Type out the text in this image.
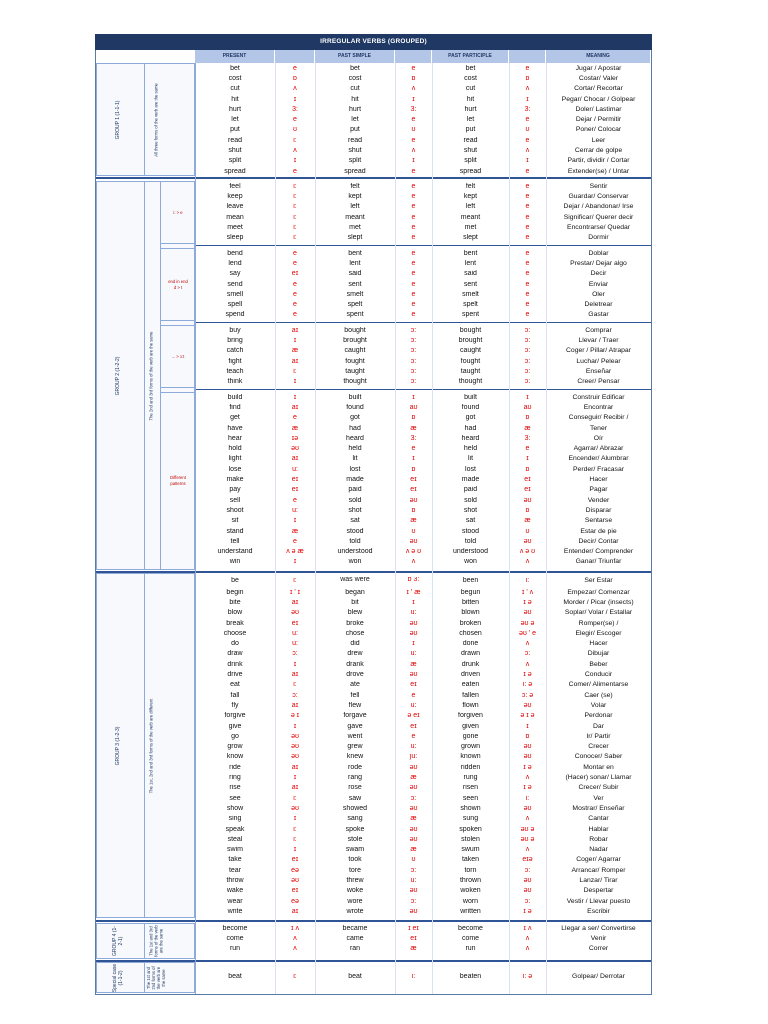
IRREGULAR VERBS (GROUPED)
PRESENT	PAST SIMPLE	PAST PARTICIPLE	MEANING
GROUP 1 (1-1-1)	All three forms of the verb are the same
GROUP 2 (1-2-2)	The 2nd and 3rd forms of the verb are the same
GROUP 3 (1-2-3)	The 1st, 2nd and 3rd forms of the verb are different
GROUP 4 (1-2-1)	The 1st and 3rd forms of the verb are the same
Special case (1-1-2)	The 1st and 2nd forms of the verb are the same
i: > e
end in end
d > t
... > ɔ:t
Different
patterns
bet	e	bet	e	bet	e	Jugar / Apostar
cost	ɒ	cost	ɒ	cost	ɒ	Costar/ Valer
cut	ʌ	cut	ʌ	cut	ʌ	Cortar/ Recortar
hit	ɪ	hit	ɪ	hit	ɪ	Pegar/ Chocar / Golpear
hurt	3:	hurt	3:	hurt	3:	Doler/ Lastimar
let	e	let	e	let	e	Dejar / Permitir
put	ʊ	put	ʊ	put	ʊ	Poner/ Colocar
read	i:	read	e	read	e	Leer
shut	ʌ	shut	ʌ	shut	ʌ	Cerrar de golpe
split	ɪ	split	ɪ	split	ɪ	Partir, dividir / Cortar
spread	e	spread	e	spread	e	Extender(se) / Untar
feel	i:	felt	e	felt	e	Sentir
keep	i:	kept	e	kept	e	Guardar/ Conservar
leave	i:	left	e	left	e	Dejar / Abandonar/ Irse
mean	i:	meant	e	meant	e	Significar/ Querer decir
meet	i:	met	e	met	e	Encontrarse/ Quedar
sleep	i:	slept	e	slept	e	Dormir
bend	e	bent	e	bent	e	Doblar
lend	e	lent	e	lent	e	Prestar/ Dejar algo
say	eɪ	said	e	said	e	Decir
send	e	sent	e	sent	e	Enviar
smell	e	smelt	e	smelt	e	Oler
spell	e	spelt	e	spelt	e	Deletrear
spend	e	spent	e	spent	e	Gastar
buy	aɪ	bought	ɔ:	bought	ɔ:	Comprar
bring	ɪ	brought	ɔ:	brought	ɔ:	Llevar / Traer
catch	æ	caught	ɔ:	caught	ɔ:	Coger / Pillar/ Atrapar
fight	aɪ	fought	ɔ:	fought	ɔ:	Luchar/ Pelear
teach	i:	taught	ɔ:	taught	ɔ:	Enseñar
think	ɪ	thought	ɔ:	thought	ɔ:	Creer/ Pensar
build	ɪ	built	ɪ	built	ɪ	Construir Edificar
find	aɪ	found	aʊ	found	aʊ	Encontrar
get	e	got	ɒ	got	ɒ	Conseguir/ Recibir /
have	æ	had	æ	had	æ	Tener
hear	ɪə	heard	3:	heard	3:	Oír
hold	əʊ	held	e	held	e	Agarrar/ Abrazar
light	aɪ	lit	ɪ	lit	ɪ	Encender/ Alumbrar
lose	u:	lost	ɒ	lost	ɒ	Perder/ Fracasar
make	eɪ	made	eɪ	made	eɪ	Hacer
pay	eɪ	paid	eɪ	paid	eɪ	Pagar
sell	e	sold	əʊ	sold	əʊ	Vender
shoot	u:	shot	ɒ	shot	ɒ	Disparar
sit	ɪ	sat	æ	sat	æ	Sentarse
stand	æ	stood	ʊ	stood	ʊ	Estar de pie
tell	e	told	əʊ	told	əʊ	Decir/ Contar
understand	ʌ ə æ	understood	ʌ ə ʊ	understood	ʌ ə ʊ	Entender/ Comprender
win	ɪ	won	ʌ	won	ʌ	Ganar/ Triunfar
be	i:	was were	ɒ 3:	been	i:	Ser Estar
begin	ɪ ' ɪ	began	ɪ ' æ	begun	ɪ ' ʌ	Empezar/ Comenzar
bite	aɪ	bit	ɪ	bitten	ɪ ə	Morder / Picar (insects)
blow	əʊ	blew	u:	blown	əʊ	Soplar/ Volar / Estallar
break	eɪ	broke	əʊ	broken	əʊ ə	Romper(se) /
choose	u:	chose	əʊ	chosen	əʊ ' e	Elegir/ Escoger
do	u:	did	ɪ	done	ʌ	Hacer
draw	ɔ:	drew	u:	drawn	ɔ:	Dibujar
drink	ɪ	drank	æ	drunk	ʌ	Beber
drive	aɪ	drove	əʊ	driven	ɪ ə	Conducir
eat	i:	ate	eɪ	eaten	i: ə	Comer/ Alimentarse
fall	ɔ:	fell	e	fallen	ɔ: ə	Caer (se)
fly	aɪ	flew	u:	flown	əʊ	Volar
forgive	ə ɪ	forgave	ə eɪ	forgiven	ə ɪ ə	Perdonar
give	ɪ	gave	eɪ	given	ɪ	Dar
go	əʊ	went	e	gone	ɒ	Ir/ Partir
grow	əʊ	grew	u:	grown	əʊ	Crecer
know	əʊ	knew	ju:	known	əʊ	Conocer/ Saber
ride	aɪ	rode	əʊ	ridden	ɪ ə	Montar en
ring	ɪ	rang	æ	rung	ʌ	(Hacer) sonar/ Llamar
rise	aɪ	rose	əʊ	risen	ɪ ə	Crecer/ Subir
see	i:	saw	ɔ:	seen	i:	Ver
show	əʊ	showed	əʊ	shown	əʊ	Mostrar/ Enseñar
sing	ɪ	sang	æ	sung	ʌ	Cantar
speak	i:	spoke	əʊ	spoken	əʊ ə	Hablar
steal	i:	stole	əʊ	stolen	əʊ ə	Robar
swim	ɪ	swam	æ	swum	ʌ	Nadar
take	eɪ	took	ʊ	taken	eɪə	Coger/ Agarrar
tear	eə	tore	ɔ:	torn	ɔ:	Arrancar/ Romper
throw	əʊ	threw	u:	thrown	əʊ	Lanzar/ Tirar
wake	eɪ	woke	əʊ	woken	əʊ	Despertar
wear	eə	wore	ɔ:	worn	ɔ:	Vestir / Llevar puesto
write	aɪ	wrote	əʊ	written	ɪ ə	Escribir
become	ɪ ʌ	became	ɪ eɪ	become	ɪ ʌ	Llegar a ser/ Convertirse
come	ʌ	came	eɪ	come	ʌ	Venir
run	ʌ	ran	æ	run	ʌ	Correr
beat	i:	beat	i:	beaten	i: ə	Golpear/ Derrotar
